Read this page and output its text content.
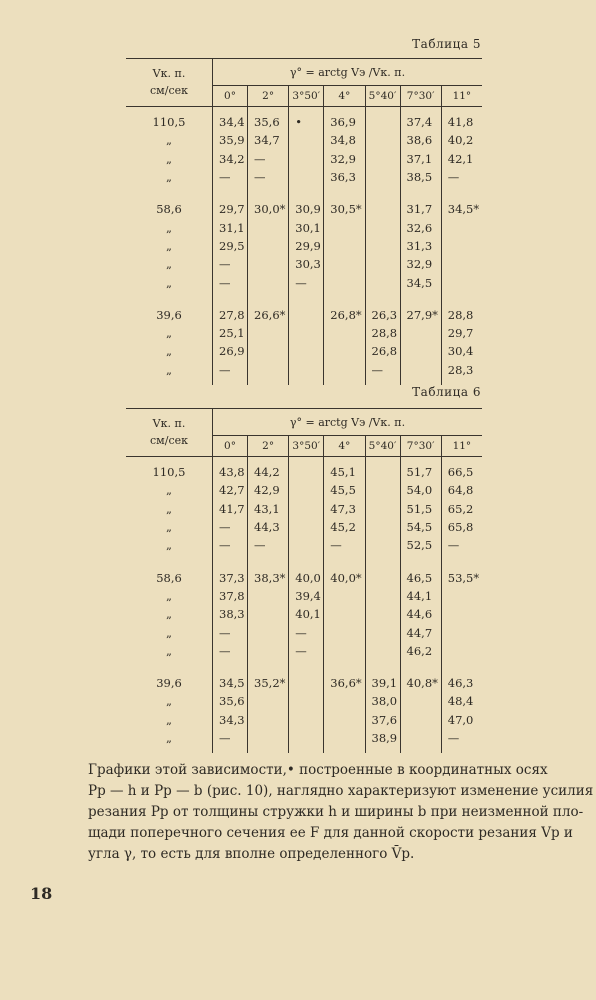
Таблица 5
Vк. п.
см/сек	γ° = arctg Vэ /Vк. п.						
	0°	2°	3°50′	4°	5°40′	7°30′	11°

110,5	34,4	35,6	•	36,9		37,4	41,8
„	35,9	34,7		34,8		38,6	40,2
„	34,2	—		32,9		37,1	42,1
„	—	—		36,3		38,5	—

58,6	29,7	30,0*	30,9	30,5*		31,7	34,5*
„	31,1		30,1			32,6	
„	29,5		29,9			31,3	
„	—		30,3			32,9	
„	—		—			34,5	

39,6	27,8	26,6*		26,8*	26,3	27,9*	28,8
„	25,1				28,8		29,7
„	26,9				26,8		30,4
„	—				—		28,3

Таблица 6
Vк. п.
см/сек	γ° = arctg Vэ /Vк. п.						
	0°	2°	3°50′	4°	5°40′	7°30′	11°

110,5	43,8	44,2		45,1		51,7	66,5
„	42,7	42,9		45,5		54,0	64,8
„	41,7	43,1		47,3		51,5	65,2
„	—	44,3		45,2		54,5	65,8
„	—	—		—		52,5	—

58,6	37,3	38,3*	40,0	40,0*		46,5	53,5*
„	37,8		39,4			44,1	
„	38,3		40,1			44,6	
„	—		—			44,7	
„	—		—			46,2	

39,6	34,5	35,2*		36,6*	39,1	40,8*	46,3
„	35,6				38,0		48,4
„	34,3				37,6		47,0
„	—				38,9		—

Графики этой зависимости,• построенные в координатных осях
Pр — h и Pр — b (рис. 10), наглядно характеризуют изменение усилия
резания Pр от толщины стружки h и ширины b при неизменной пло-
щади поперечного сечения ее F для данной скорости резания Vр и
угла γ, то есть для вполне определенного V̄р.
18
